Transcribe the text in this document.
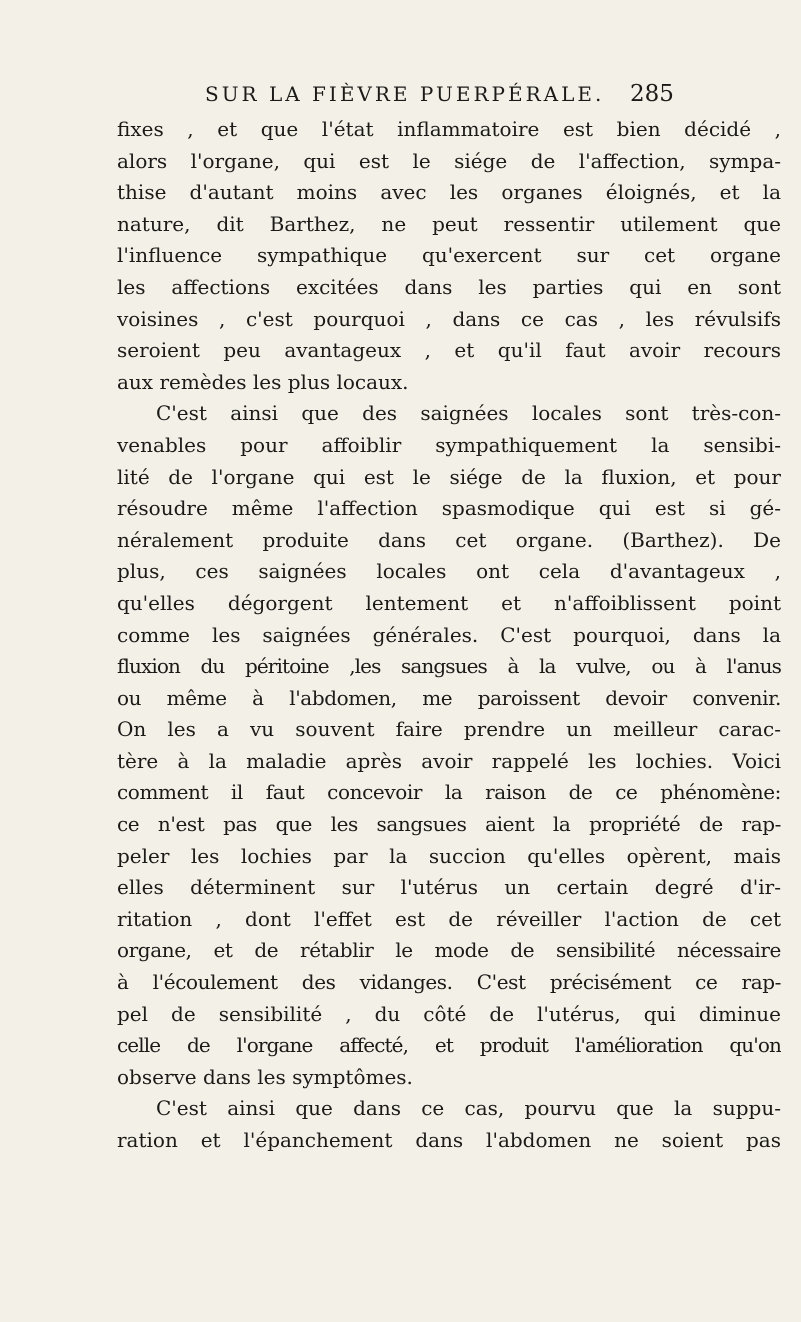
SUR LA FIÈVRE PUERPÉRALE. 285
fixes , et que l'état inflammatoire est bien décidé ,
alors l'organe, qui est le siége de l'affection, sympa-
thise d'autant moins avec les organes éloignés, et la
nature, dit Barthez, ne peut ressentir utilement que
l'influence sympathique qu'exercent sur cet organe
les affections excitées dans les parties qui en sont
voisines , c'est pourquoi , dans ce cas , les révulsifs
seroient peu avantageux , et qu'il faut avoir recours
aux remèdes les plus locaux.
C'est ainsi que des saignées locales sont très-con-
venables pour affoiblir sympathiquement la sensibi-
lité de l'organe qui est le siége de la fluxion, et pour
résoudre même l'affection spasmodique qui est si gé-
néralement produite dans cet organe. (Barthez). De
plus, ces saignées locales ont cela d'avantageux ,
qu'elles dégorgent lentement et n'affoiblissent point
comme les saignées générales. C'est pourquoi, dans la
fluxion du péritoine ,les sangsues à la vulve, ou à l'anus
ou même à l'abdomen, me paroissent devoir convenir.
On les a vu souvent faire prendre un meilleur carac-
tère à la maladie après avoir rappelé les lochies. Voici
comment il faut concevoir la raison de ce phénomène:
ce n'est pas que les sangsues aient la propriété de rap-
peler les lochies par la succion qu'elles opèrent, mais
elles déterminent sur l'utérus un certain degré d'ir-
ritation , dont l'effet est de réveiller l'action de cet
organe, et de rétablir le mode de sensibilité nécessaire
à l'écoulement des vidanges. C'est précisément ce rap-
pel de sensibilité , du côté de l'utérus, qui diminue
celle de l'organe affecté, et produit l'amélioration qu'on
observe dans les symptômes.
C'est ainsi que dans ce cas, pourvu que la suppu-
ration et l'épanchement dans l'abdomen ne soient pas
